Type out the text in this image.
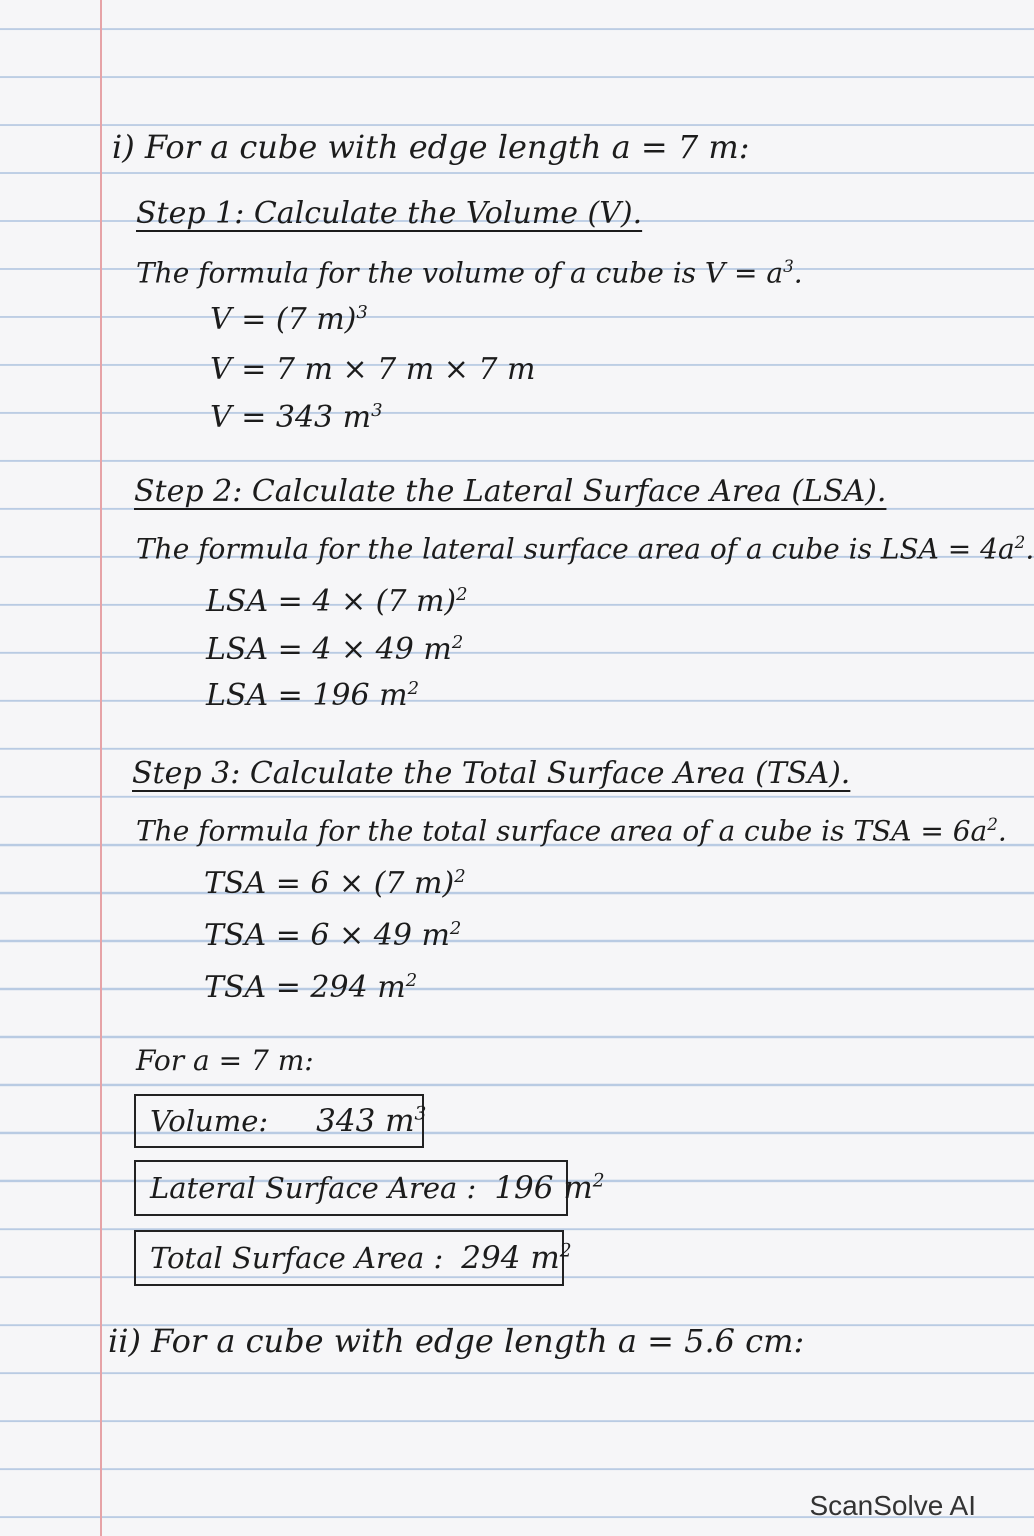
i) For a cube with edge length a = 7 m:
Step 1: Calculate the Volume (V).
The formula for the volume of a cube is $V = a^3$.
V = (7 m)$^3$
V = 7 m × 7 m × 7 m
V = 343 $m^3$
Step 2: Calculate the Lateral Surface Area (LSA).
The formula for the lateral surface area of a cube is LSA = $4a^2$.
LSA = 4 × (7 m)$^2$
LSA = 4 × 49 $m^2$
LSA = 196 $m^2$
Step 3: Calculate the Total Surface Area (TSA).
The formula for the total surface area of a cube is TSA = $6a^2$.
TSA = 6 × (7 m)$^2$
TSA = 6 × 49 $m^2$
TSA = 294 $m^2$
For a = 7 m:
Volume: 343 $m^3$
Lateral Surface Area : 196 $m^2$
Total Surface Area : 294 $m^2$
ii) For a cube with edge length a = 5.6 cm:
ScanSolve AI
